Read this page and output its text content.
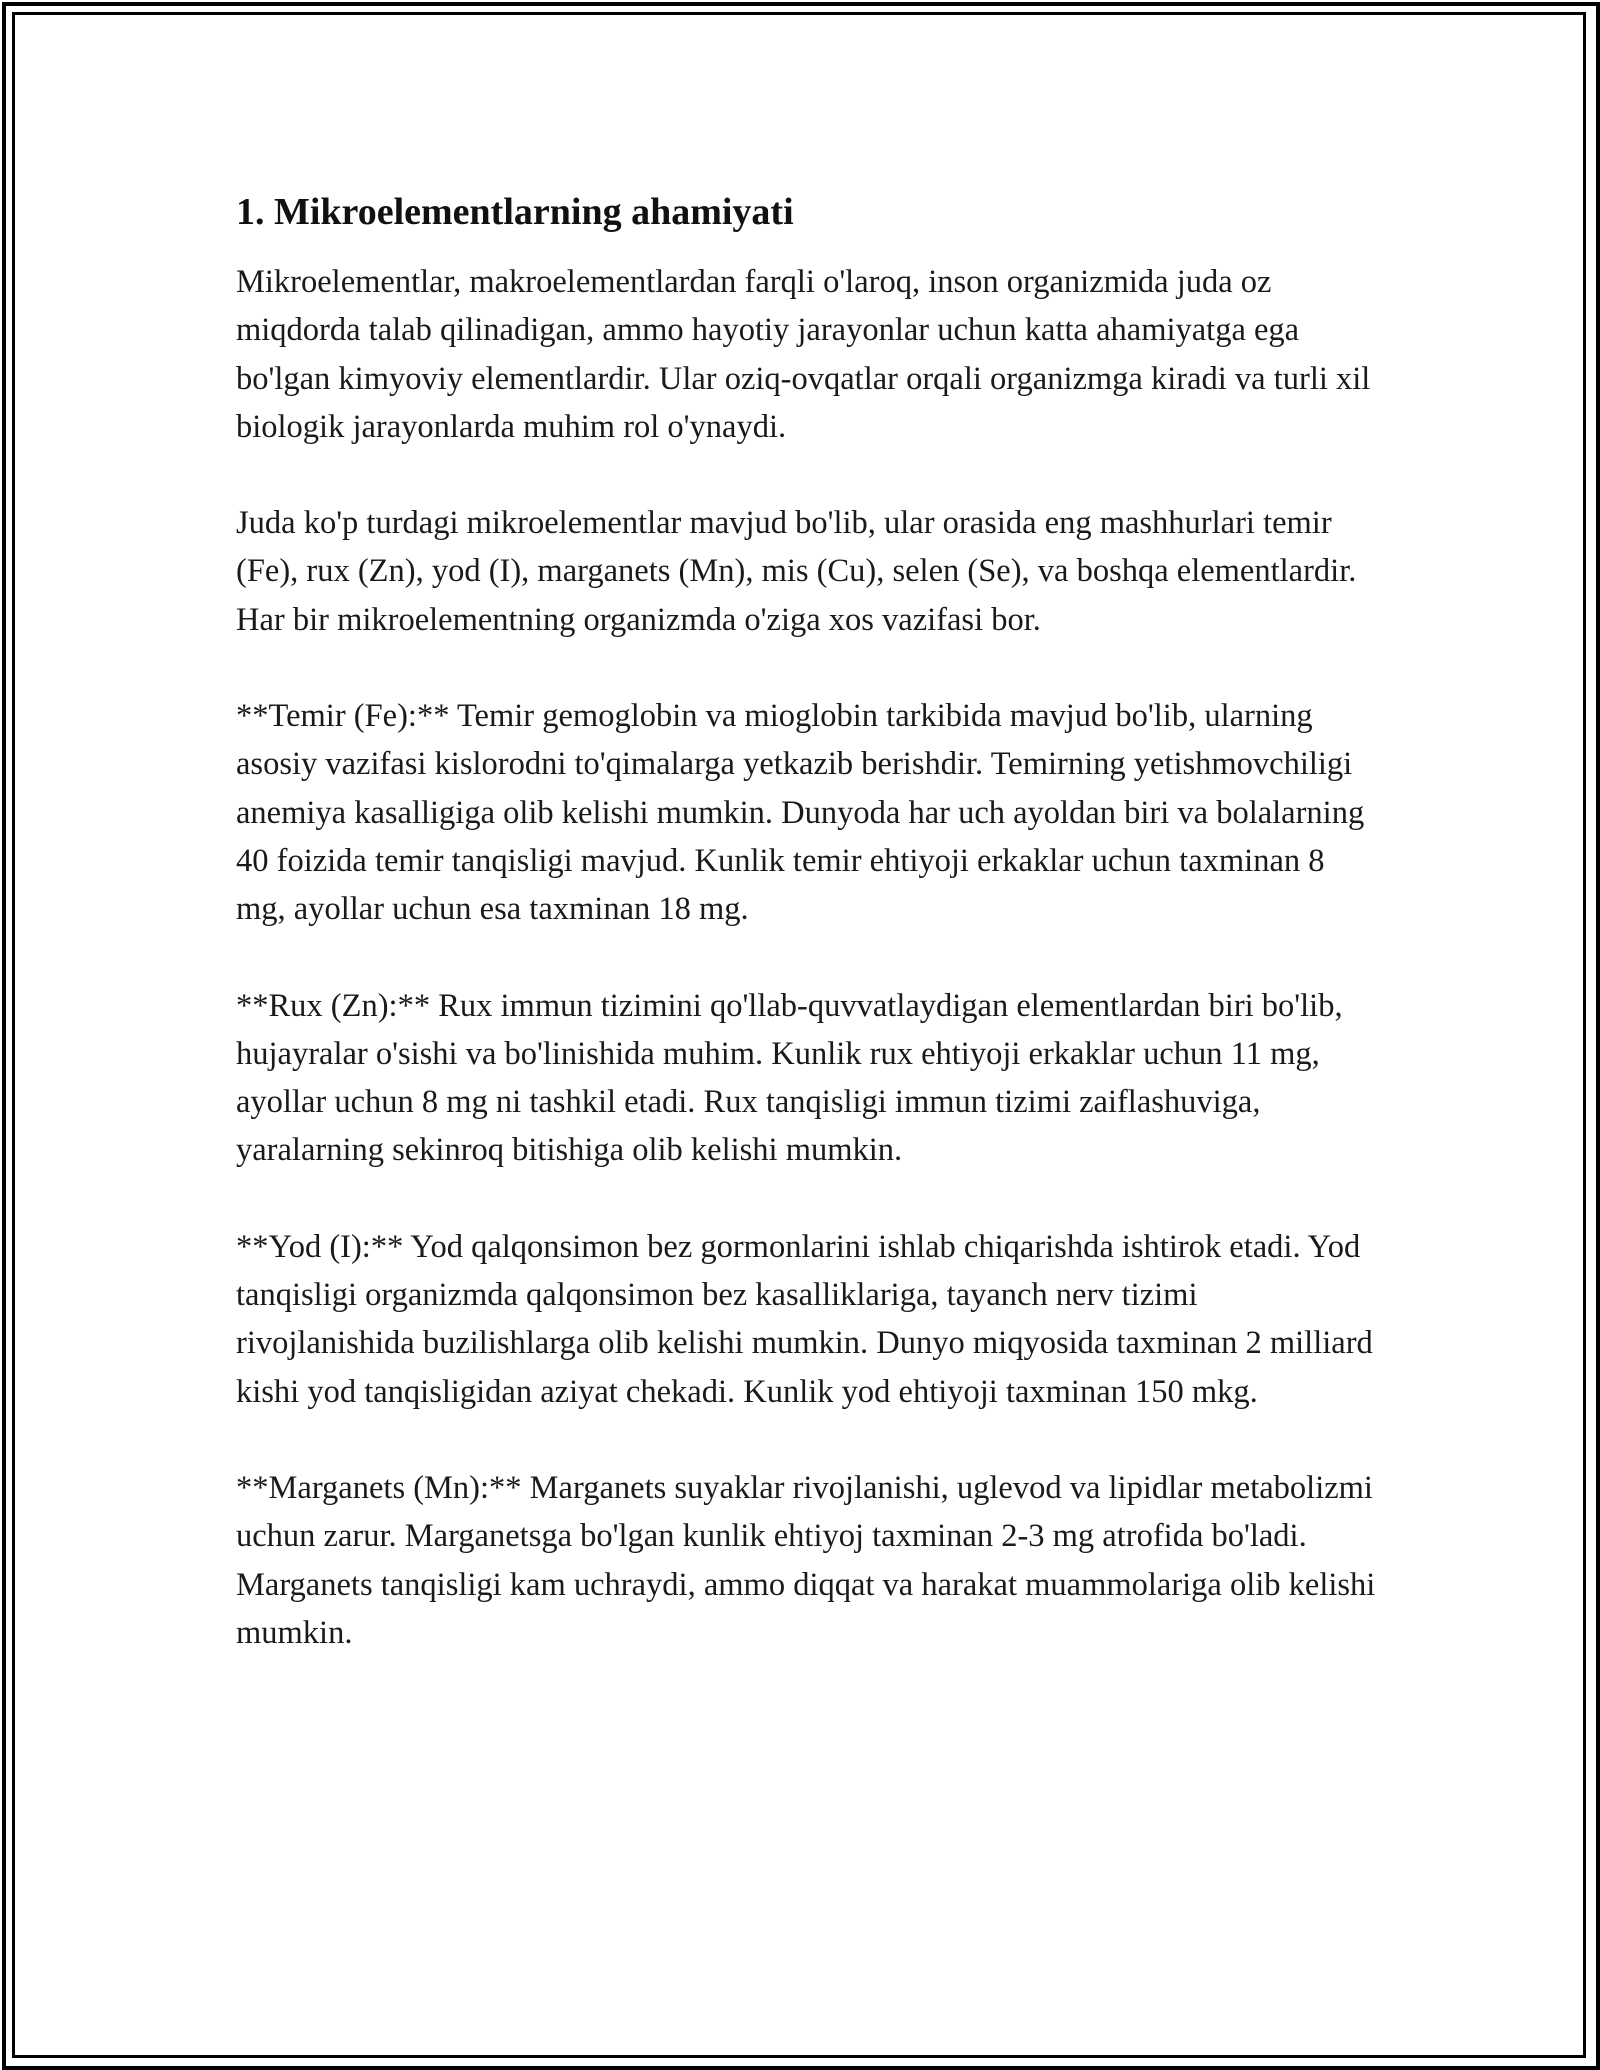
1. Mikroelementlarning ahamiyati

Mikroelementlar, makroelementlardan farqli o'laroq, inson organizmida juda oz miqdorda talab qilinadigan, ammo hayotiy jarayonlar uchun katta ahamiyatga ega bo'lgan kimyoviy elementlardir. Ular oziq-ovqatlar orqali organizmga kiradi va turli xil biologik jarayonlarda muhim rol o'ynaydi.

Juda ko'p turdagi mikroelementlar mavjud bo'lib, ular orasida eng mashhurlari temir (Fe), rux (Zn), yod (I), marganets (Mn), mis (Cu), selen (Se), va boshqa elementlardir. Har bir mikroelementning organizmda o'ziga xos vazifasi bor.

**Temir (Fe):** Temir gemoglobin va mioglobin tarkibida mavjud bo'lib, ularning asosiy vazifasi kislorodni to'qimalarga yetkazib berishdir. Temirning yetishmovchiligi anemiya kasalligiga olib kelishi mumkin. Dunyoda har uch ayoldan biri va bolalarning 40 foizida temir tanqisligi mavjud. Kunlik temir ehtiyoji erkaklar uchun taxminan 8 mg, ayollar uchun esa taxminan 18 mg.

**Rux (Zn):** Rux immun tizimini qo'llab-quvvatlaydigan elementlardan biri bo'lib, hujayralar o'sishi va bo'linishida muhim. Kunlik rux ehtiyoji erkaklar uchun 11 mg, ayollar uchun 8 mg ni tashkil etadi. Rux tanqisligi immun tizimi zaiflashuviga, yaralarning sekinroq bitishiga olib kelishi mumkin.

**Yod (I):** Yod qalqonsimon bez gormonlarini ishlab chiqarishda ishtirok etadi. Yod tanqisligi organizmda qalqonsimon bez kasalliklariga, tayanch nerv tizimi rivojlanishida buzilishlarga olib kelishi mumkin. Dunyo miqyosida taxminan 2 milliard kishi yod tanqisligidan aziyat chekadi. Kunlik yod ehtiyoji taxminan 150 mkg.

**Marganets (Mn):** Marganets suyaklar rivojlanishi, uglevod va lipidlar metabolizmi uchun zarur. Marganetsga bo'lgan kunlik ehtiyoj taxminan 2-3 mg atrofida bo'ladi. Marganets tanqisligi kam uchraydi, ammo diqqat va harakat muammolariga olib kelishi mumkin.
